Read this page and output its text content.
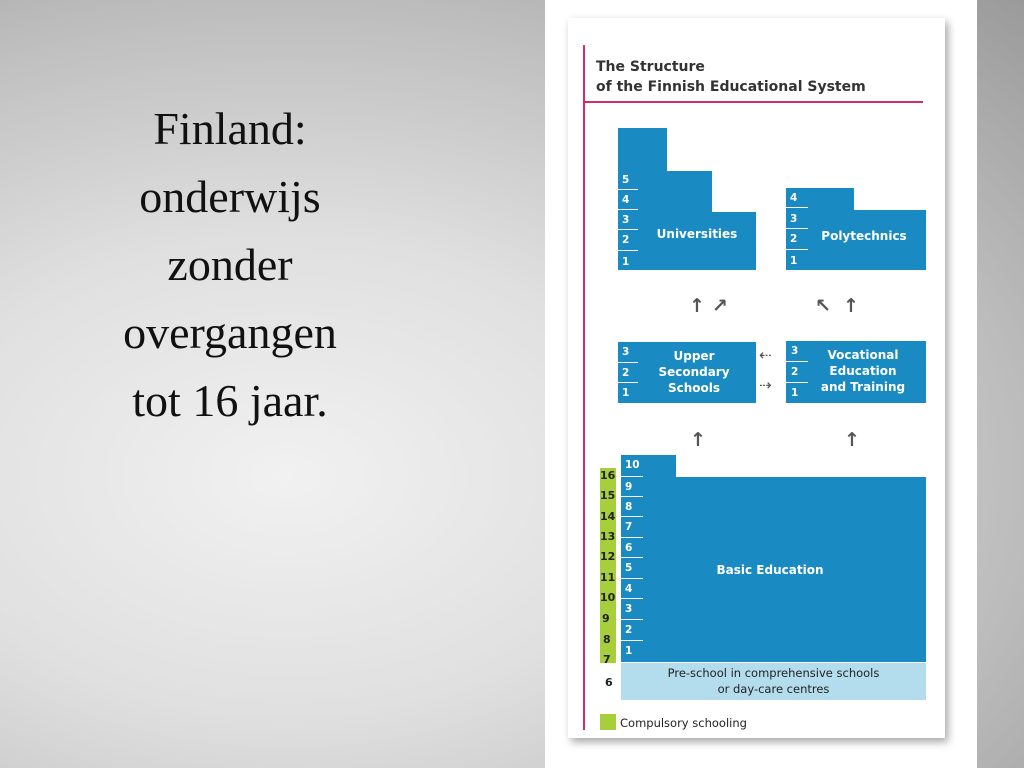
Finland:
onderwijs
zonder
overgangen
tot 16 jaar.
The Structure
of the Finnish Educational System
5
4
3
2
1
Universities
4
3
2
1
Polytechnics
↑ ↗	↖ ↑
3
2
1
Upper
Secondary
Schools
⇠
⇢
3
2
1
Vocational
Education
and Training
↑	↑
10
9
8
7
6
5
4
3
2
1
Basic Education
16
15
14
13
12
11
10
9
8
7
6
Pre-school in comprehensive schools
or day-care centres
Compulsory schooling
